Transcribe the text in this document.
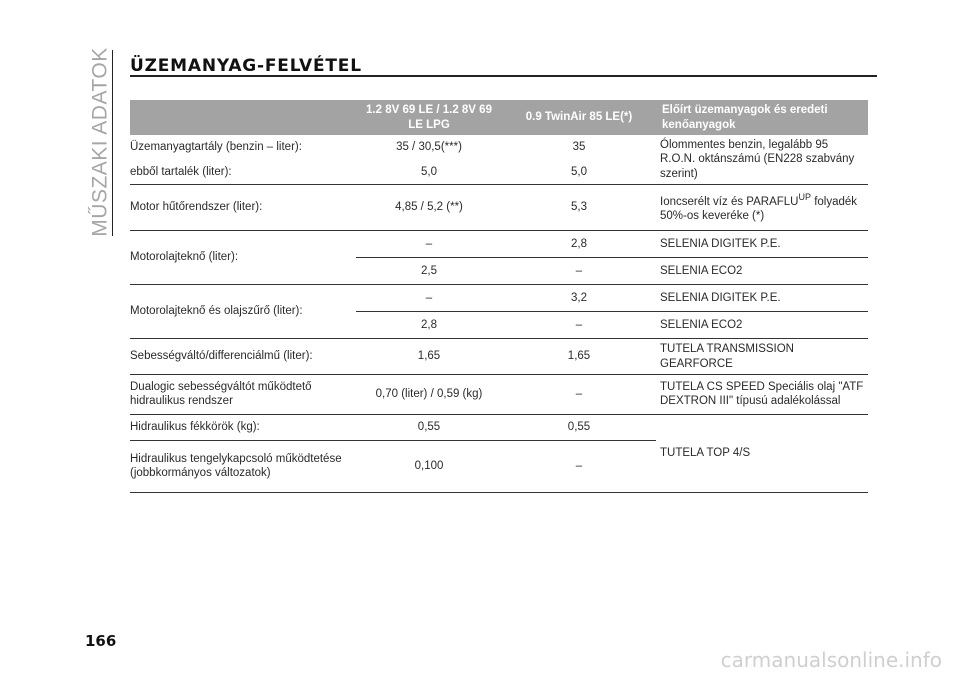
MŰSZAKI ADATOK ÜZEMANYAG-FELVÉTEL
	1.2 8V 69 LE / 1.2 8V 69 LE LPG	0.9 TwinAir 85 LE(*)	Előírt üzemanyagok és eredeti kenőanyagok
Üzemanyagtartály (benzin – liter):	35 / 30,5(***)	35	Ólommentes benzin, legalább 95 R.O.N. oktánszámú (EN228 szabvány szerint)
ebből tartalék (liter):	5,0	5,0	
Motor hűtőrendszer (liter):	4,85 / 5,2 (**)	5,3	Ioncserélt víz és $PARAFLU^{UP}$ folyadék 50%-os keveréke (*)
Motorolajteknő (liter):	–	2,8	SELENIA DIGITEK P.E.
	2,5	–	SELENIA ECO2
Motorolajteknő és olajszűrő (liter):	–	3,2	SELENIA DIGITEK P.E.
	2,8	–	SELENIA ECO2
Sebességváltó/differenciálmű (liter):	1,65	1,65	TUTELA TRANSMISSION GEARFORCE
Dualogic sebességváltót működtető hidraulikus rendszer	0,70 (liter) / 0,59 (kg)	–	TUTELA CS SPEED Speciális olaj "ATF DEXTRON III" típusú adalékolással
Hidraulikus fékkörök (kg):	0,55	0,55	TUTELA TOP 4/S
Hidraulikus tengelykapcsoló működtetése (jobbkormányos változatok)	0,100	–	
166
carmanualsonline.info
